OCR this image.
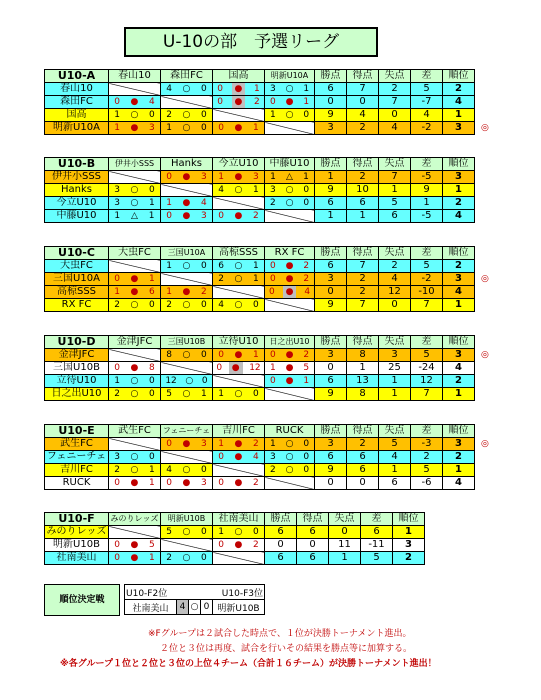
U-10の部　予選リーグ
◎
U10-A	春山10	森田FC	国高	明新U10A	勝点	得点	失点	差	順位
春山10		4 ○ 0	0 ● 1	3 ○ 1	6	7	2	5	2
森田FC	0 ● 4		0 ● 2	0 ● 1	0	0	7	-7	4
国高	1 ○ 0	2 ○ 0		1 ○ 0	9	4	0	4	1
明新U10A	1 ● 3	1 ○ 0	0 ● 1		3	2	4	-2	3
U10-B	伊井小SSS	Hanks	今立U10	中藤U10	勝点	得点	失点	差	順位
伊井小SSS		0 ● 3	1 ● 3	1 △ 1	1	2	7	-5	3
Hanks	3 ○ 0		4 ○ 1	3 ○ 0	9	10	1	9	1
今立U10	3 ○ 1	1 ● 4		2 ○ 0	6	6	5	1	2
中藤U10	1 △ 1	0 ● 3	0 ● 2		1	1	6	-5	4
◎
U10-C	大虫FC	三国U10A	高椋SSS	RX FC	勝点	得点	失点	差	順位
大虫FC		1 ○ 0	6 ○ 1	0 ● 2	6	7	2	5	2
三国U10A	0 ● 1		2 ○ 1	0 ● 2	3	2	4	-2	3
高椋SSS	1 ● 6	1 ● 2		0 ● 4	0	2	12	-10	4
RX FC	2 ○ 0	2 ○ 0	4 ○ 0		9	7	0	7	1
◎
U10-D	金津JFC	三国U10B	立待U10	日之出U10	勝点	得点	失点	差	順位
金津JFC		8 ○ 0	0 ● 1	0 ● 2	3	8	3	5	3
三国U10B	0 ● 8		0 ● 12	1 ● 5	0	1	25	-24	4
立待U10	1 ○ 0	12 ○ 0		0 ● 1	6	13	1	12	2
日之出U10	2 ○ 0	5 ○ 1	1 ○ 0		9	8	1	7	1
◎
U10-E	武生FC	フェニーチェ	吉川FC	RUCK	勝点	得点	失点	差	順位
武生FC		0 ● 3	1 ● 2	1 ○ 0	3	2	5	-3	3
フェニーチェ	3 ○ 0		0 ● 4	3 ○ 0	6	6	4	2	2
吉川FC	2 ○ 1	4 ○ 0		2 ○ 0	9	6	1	5	1
RUCK	0 ● 1	0 ● 3	0 ● 2		0	0	6	-6	4
U10-F	みのりレッズ	明新U10B	社南美山	勝点	得点	失点	差	順位
みのりレッズ		5 ○ 0	1 ○ 0	6	6	0	6	1
明新U10B	0 ● 5		0 ● 2	0	0	11	-11	3
社南美山	0 ● 1	2 ○ 0		6	6	1	5	2
順位決定戦
U10-F2位			U10-F3位	
社南美山	4	○	0	明新U10B
※Fグループは２試合した時点で、１位が決勝トーナメント進出。
２位と３位は再度、試合を行いその結果を勝点等に加算する。
※各グループ１位と２位と３位の上位４チーム（合計１６チーム）が決勝トーナメント進出！
